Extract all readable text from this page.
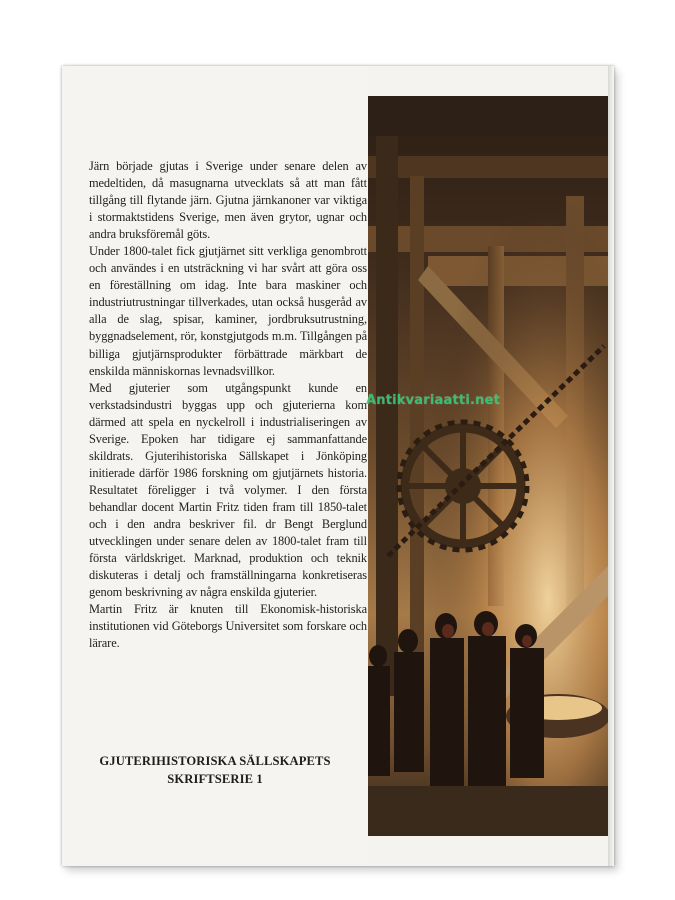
Järn började gjutas i Sverige under senare delen av medeltiden, då masugnarna utvecklats så att man fått tillgång till flytande järn. Gjutna järnkanoner var viktiga i stormaktstidens Sverige, men även grytor, ugnar och andra bruksföremål göts.

Under 1800-talet fick gjutjärnet sitt verkliga genombrott och användes i en utsträckning vi har svårt att göra oss en föreställning om idag. Inte bara maskiner och industriutrustningar tillverkades, utan också husgeråd av alla de slag, spisar, kaminer, jordbruksutrustning, byggnadselement, rör, konstgjutgods m.m. Tillgången på billiga gjutjärnsprodukter förbättrade märkbart de enskilda människornas levnadsvillkor.

Med gjuterier som utgångspunkt kunde en verkstadsindustri byggas upp och gjuterierna kom därmed att spela en nyckelroll i industrialiseringen av Sverige. Epoken har tidigare ej sammanfattande skildrats. Gjuterihistoriska Sällskapet i Jönköping initierade därför 1986 forskning om gjutjärnets historia. Resultatet föreligger i två volymer. I den första behandlar docent Martin Fritz tiden fram till 1850-talet och i den andra beskriver fil. dr Bengt Berglund utvecklingen under senare delen av 1800-talet fram till första världskriget. Marknad, produktion och teknik diskuteras i detalj och framställningarna konkretiseras genom beskrivning av några enskilda gjuterier.

Martin Fritz är knuten till Ekonomisk-historiska institutionen vid Göteborgs Universitet som forskare och lärare.

GJUTERIHISTORISKA SÄLLSKAPETS
SKRIFTSERIE 1
Antikvariaatti.net
